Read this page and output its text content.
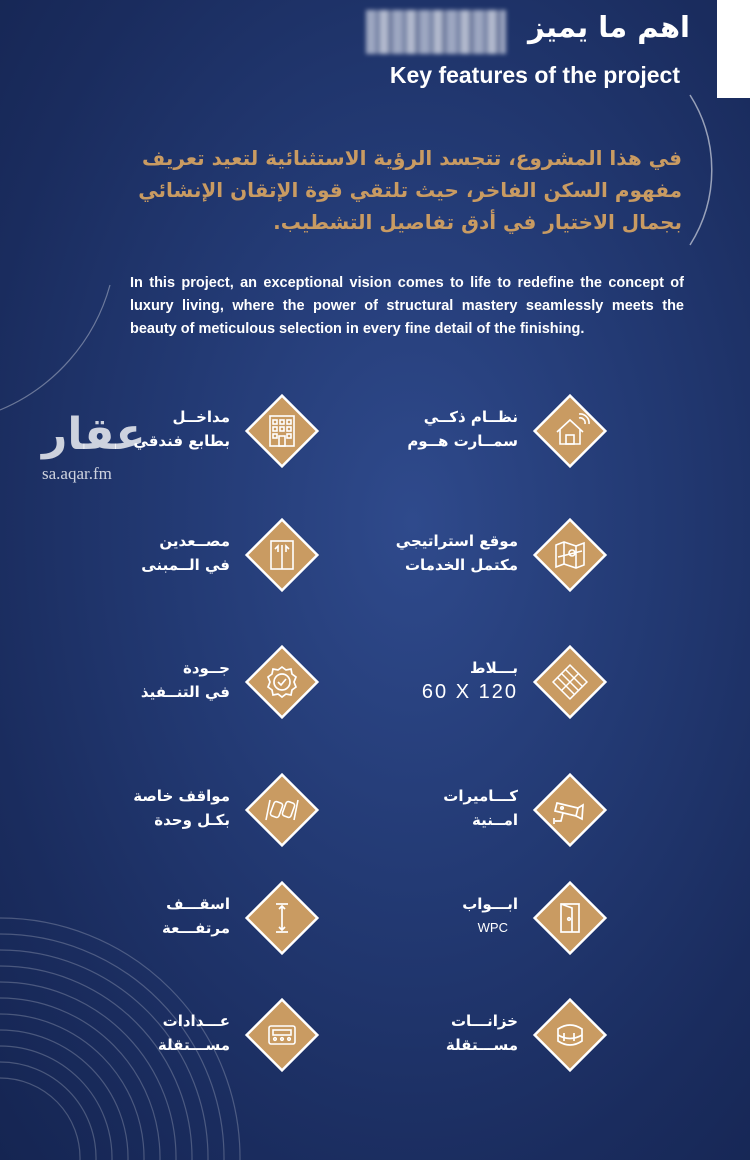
اهم ما يميز
Key features of the project
في هذا المشروع، تتجسد الرؤية الاستثنائية لتعيد تعريف مفهوم السكن الفاخر، حيث تلتقي قوة الإتقان الإنشائي بجمال الاختيار في أدق تفاصيل التشطيب.
In this project, an exceptional vision comes to life to redefine the concept of luxury living, where the power of structural mastery seamlessly meets the beauty of meticulous selection in every fine detail of the finishing.
عقار
sa.aqar.fm
نظــام ذكــي
سمــارت هــوم
مداخــل
بطابع فندقي
موقع استراتيجي
مكتمل الخدمات
مصــعدين
في الــمبنى
بـــلاط
60 X 120
جــودة
في التنــفيذ
كـــاميرات
امــنية
مواقف خاصة
بكـل وحدة
ابـــواب
WPC
اسقـــف
مرتفـــعة
خزانـــات
مســـتقلة
عـــدادات
مســـتقلة
